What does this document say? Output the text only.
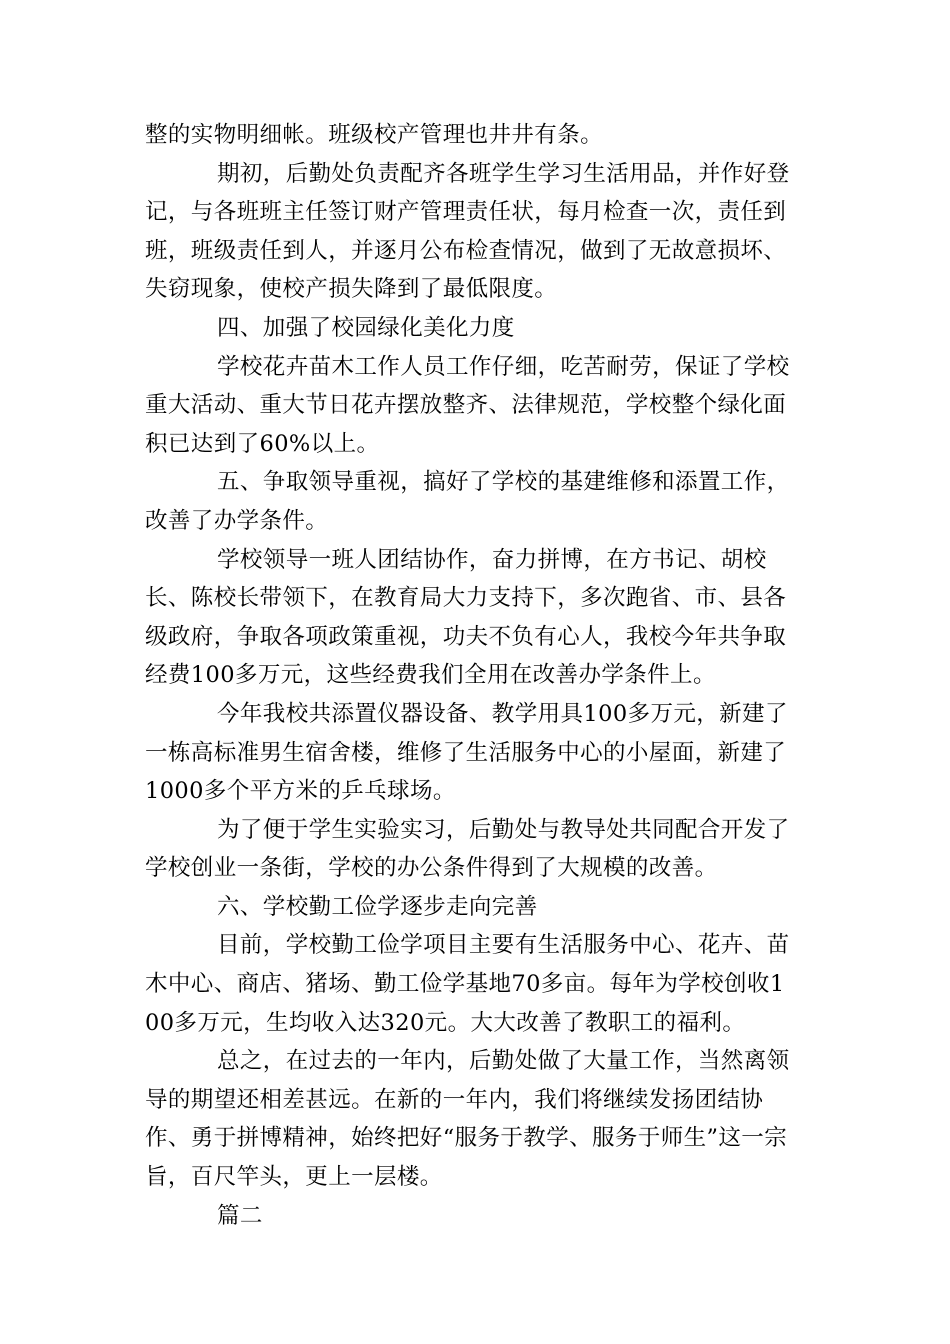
整的实物明细帐。班级校产管理也井井有条。

期初，后勤处负责配齐各班学生学习生活用品，并作好登记，与各班班主任签订财产管理责任状，每月检查一次，责任到班，班级责任到人，并逐月公布检查情况，做到了无故意损坏、失窃现象，使校产损失降到了最低限度。

四、加强了校园绿化美化力度

学校花卉苗木工作人员工作仔细，吃苦耐劳，保证了学校重大活动、重大节日花卉摆放整齐、法律规范，学校整个绿化面积已达到了60%以上。

五、争取领导重视，搞好了学校的基建维修和添置工作，改善了办学条件。

学校领导一班人团结协作，奋力拼博，在方书记、胡校长、陈校长带领下，在教育局大力支持下，多次跑省、市、县各级政府，争取各项政策重视，功夫不负有心人，我校今年共争取经费100多万元，这些经费我们全用在改善办学条件上。

今年我校共添置仪器设备、教学用具100多万元，新建了一栋高标准男生宿舍楼，维修了生活服务中心的小屋面，新建了1000多个平方米的乒乓球场。

为了便于学生实验实习，后勤处与教导处共同配合开发了学校创业一条街，学校的办公条件得到了大规模的改善。

六、学校勤工俭学逐步走向完善

目前，学校勤工俭学项目主要有生活服务中心、花卉、苗木中心、商店、猪场、勤工俭学基地70多亩。每年为学校创收100多万元，生均收入达320元。大大改善了教职工的福利。

总之，在过去的一年内，后勤处做了大量工作，当然离领导的期望还相差甚远。在新的一年内，我们将继续发扬团结协作、勇于拼博精神，始终把好“服务于教学、服务于师生”这一宗旨，百尺竿头，更上一层楼。

篇二
